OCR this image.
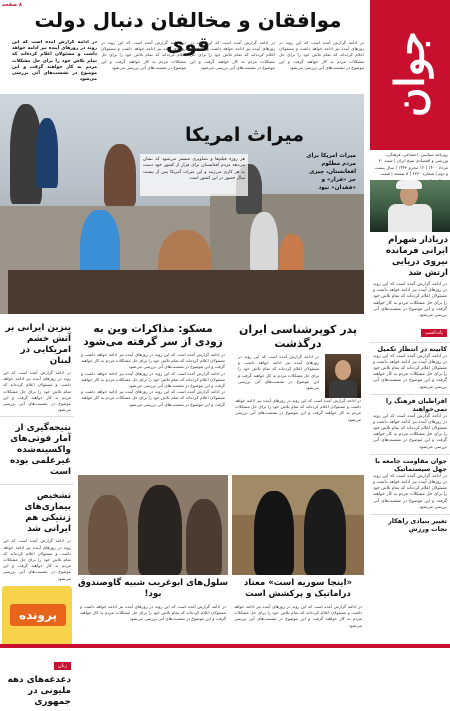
۸ صفحه
جوان
روزنامه سیاسی، اجتماعی، فرهنگی، ورزشی و اقتصادی صبح ایران | شنبه ۳۰ مرداد ۱۴۰۰ | ۱۲ محرم ۱۴۴۳ | سال بیست و دوم | شماره ۶۲۳۰ | ۸ صفحه | قیمت
موافقان و مخالفان دنبال دولت قوی	در ادامه گزارش آمده است که این روند در روزهای آینده نیز ادامه خواهد داشت و مسئولان اعلام کرده‌اند که تمام تلاش خود را برای حل مشکلات مردم به کار خواهند گرفت و این موضوع در نشست‌های آتی بررسی می‌شود
در ادامه گزارش آمده است که این روند در روزهای آینده نیز ادامه خواهد داشت و مسئولان اعلام کرده‌اند که تمام تلاش خود را برای حل مشکلات مردم به کار خواهند گرفت و این موضوع در نشست‌های آتی بررسی می‌شود
در ادامه گزارش آمده است که این روند در روزهای آینده نیز ادامه خواهد داشت و مسئولان اعلام کرده‌اند که تمام تلاش خود را برای حل مشکلات مردم به کار خواهند گرفت و این موضوع در نشست‌های آتی بررسی می‌شود
در ادامه گزارش آمده است که این روند در روزهای آینده نیز ادامه خواهد داشت و مسئولان اعلام کرده‌اند که تمام تلاش خود را برای حل مشکلات مردم به کار خواهند گرفت و این موضوع در نشست‌های آتی بررسی می‌شود
میراث امریکا
میراث امریکا برای مردم مظلوم افغانستان، چیزی جز «فرار» و «فقدان» نبود
هر روزه فیلم‌ها و تصاویری منتشر می‌شود که نشان می‌دهد مردم افغانستان برای فرار از کشور خود دست به هر کاری می‌زنند و این میراث آمریکا پس از بیست سال حضور در این کشور است
دریادار شهرام ایرانی فرمانده نیروی دریایی ارتش شد
در ادامه گزارش آمده است که این روند در روزهای آینده نیز ادامه خواهد داشت و مسئولان اعلام کرده‌اند که تمام تلاش خود را برای حل مشکلات مردم به کار خواهند گرفت و این موضوع در نشست‌های آتی بررسی می‌شود
یادداشت
کابینه در انتظار تکمیل
در ادامه گزارش آمده است که این روند در روزهای آینده نیز ادامه خواهد داشت و مسئولان اعلام کرده‌اند که تمام تلاش خود را برای حل مشکلات مردم به کار خواهند گرفت و این موضوع در نشست‌های آتی بررسی می‌شود
افراطیان فرهنگ را نمی‌خواهند
در ادامه گزارش آمده است که این روند در روزهای آینده نیز ادامه خواهد داشت و مسئولان اعلام کرده‌اند که تمام تلاش خود را برای حل مشکلات مردم به کار خواهند گرفت و این موضوع در نشست‌های آتی بررسی می‌شود
جوان مقاومت جامعه با جهل سیستماتیک
در ادامه گزارش آمده است که این روند در روزهای آینده نیز ادامه خواهد داشت و مسئولان اعلام کرده‌اند که تمام تلاش خود را برای حل مشکلات مردم به کار خواهند گرفت و این موضوع در نشست‌های آتی بررسی می‌شود
تغییر بنیادی راهکار نجات ورزش
بنزین ایرانی بر آتش خشم امریکایی در لبنان
در ادامه گزارش آمده است که این روند در روزهای آینده نیز ادامه خواهد داشت و مسئولان اعلام کرده‌اند که تمام تلاش خود را برای حل مشکلات مردم به کار خواهند گرفت و این موضوع در نشست‌های آتی بررسی می‌شود
نتیجه‌گیری از آمار فوتی‌های واکسینه‌شده غیرعلمی بوده است
تشخیص بیماری‌های ژنتیکی هم ایرانی شد
در ادامه گزارش آمده است که این روند در روزهای آینده نیز ادامه خواهد داشت و مسئولان اعلام کرده‌اند که تمام تلاش خود را برای حل مشکلات مردم به کار خواهند گرفت و این موضوع در نشست‌های آتی بررسی می‌شود
پرونده
زنان
دغدغه‌های دهه ملیونی در جمهوری
مسکو: مذاکرات وین به زودی از سر گرفته می‌شود
در ادامه گزارش آمده است که این روند در روزهای آینده نیز ادامه خواهد داشت و مسئولان اعلام کرده‌اند که تمام تلاش خود را برای حل مشکلات مردم به کار خواهند گرفت و این موضوع در نشست‌های آتی بررسی می‌شود
در ادامه گزارش آمده است که این روند در روزهای آینده نیز ادامه خواهد داشت و مسئولان اعلام کرده‌اند که تمام تلاش خود را برای حل مشکلات مردم به کار خواهند گرفت و این موضوع در نشست‌های آتی بررسی می‌شود
در ادامه گزارش آمده است که این روند در روزهای آینده نیز ادامه خواهد داشت و مسئولان اعلام کرده‌اند که تمام تلاش خود را برای حل مشکلات مردم به کار خواهند گرفت و این موضوع در نشست‌های آتی بررسی می‌شود
پدر کوپرشناسی ایران درگذشت
در ادامه گزارش آمده است که این روند در روزهای آینده نیز ادامه خواهد داشت و مسئولان اعلام کرده‌اند که تمام تلاش خود را برای حل مشکلات مردم به کار خواهند گرفت و این موضوع در نشست‌های آتی بررسی می‌شود
در ادامه گزارش آمده است که این روند در روزهای آینده نیز ادامه خواهد داشت و مسئولان اعلام کرده‌اند که تمام تلاش خود را برای حل مشکلات مردم به کار خواهند گرفت و این موضوع در نشست‌های آتی بررسی می‌شود
سلول‌های ابوغریب شبیه گاوصندوق بود!
«اینجا سوریه است» معتاد دراماتیک و پرکشش است
در ادامه گزارش آمده است که این روند در روزهای آینده نیز ادامه خواهد داشت و مسئولان اعلام کرده‌اند که تمام تلاش خود را برای حل مشکلات مردم به کار خواهند گرفت و این موضوع در نشست‌های آتی بررسی می‌شود
در ادامه گزارش آمده است که این روند در روزهای آینده نیز ادامه خواهد داشت و مسئولان اعلام کرده‌اند که تمام تلاش خود را برای حل مشکلات مردم به کار خواهند گرفت و این موضوع در نشست‌های آتی بررسی می‌شود
